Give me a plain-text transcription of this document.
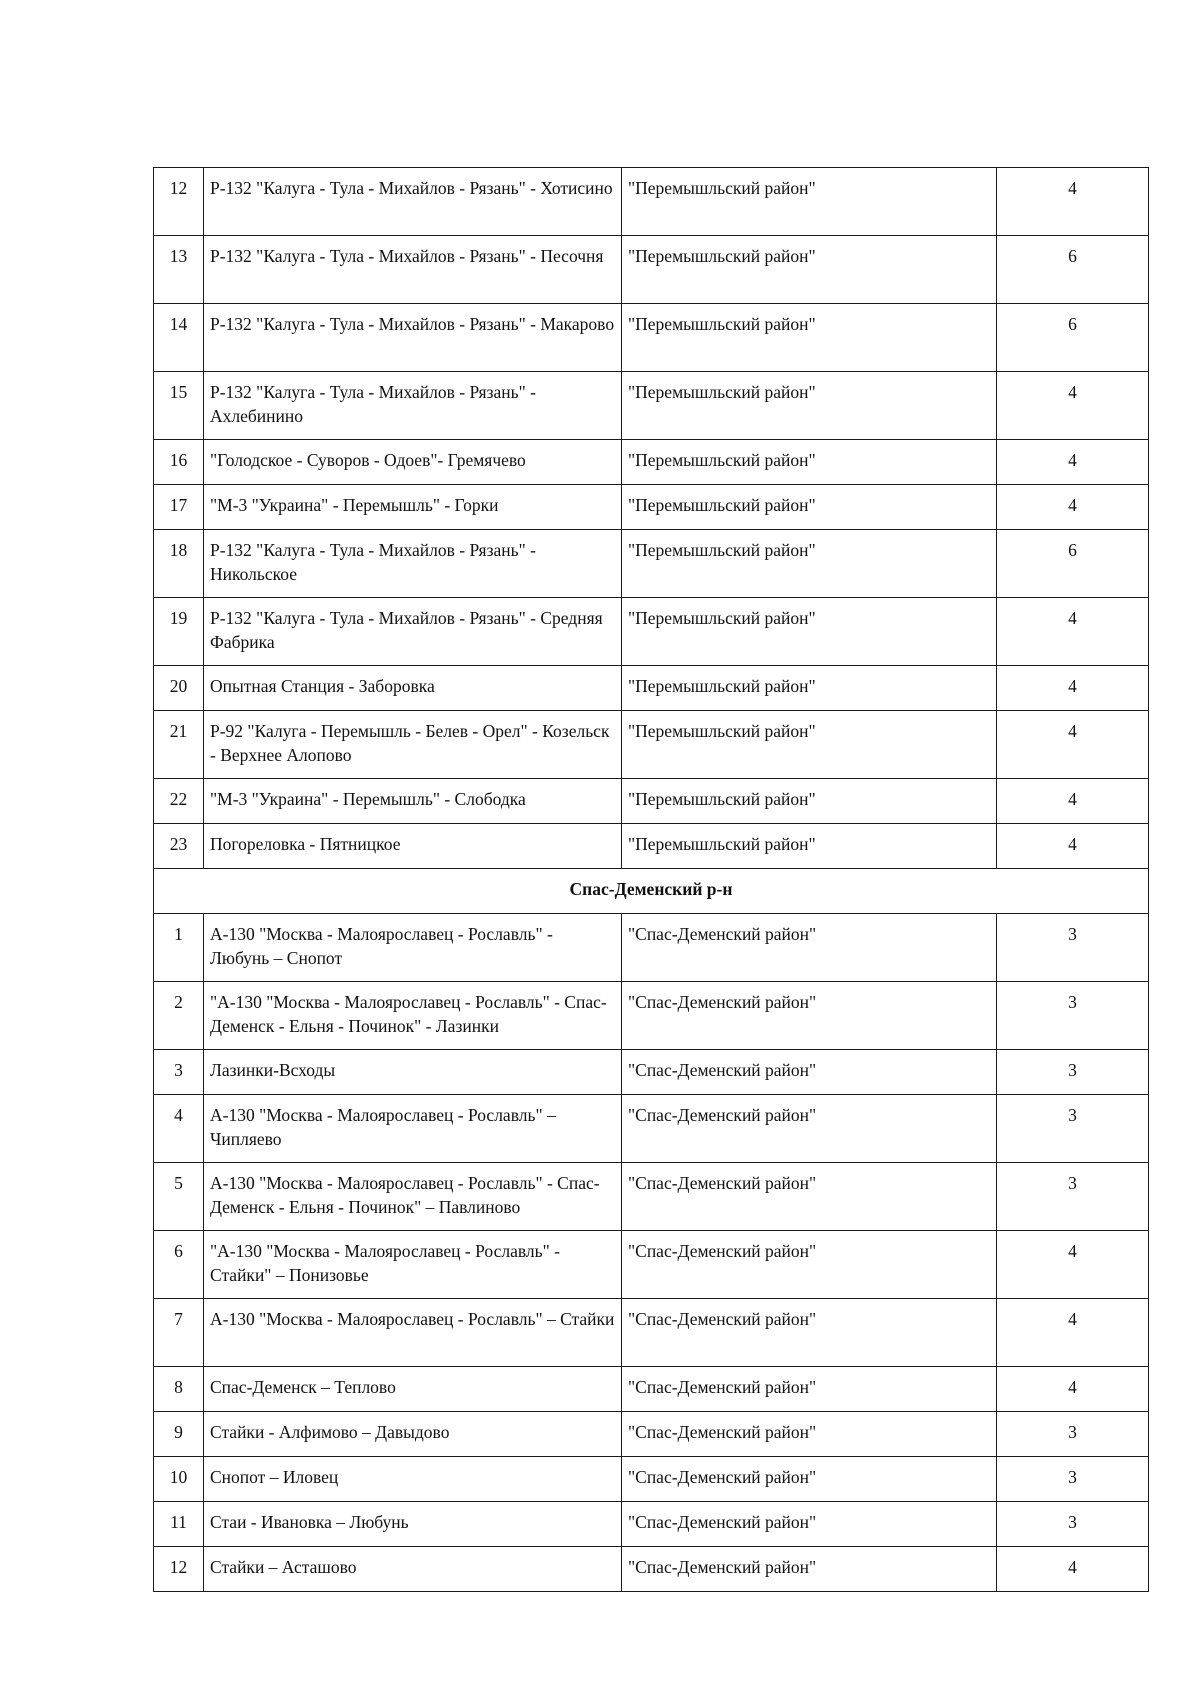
12	Р-132 "Калуга - Тула - Михайлов - Рязань" - Хотисино	"Перемышльский район"	4
13	Р-132 "Калуга - Тула - Михайлов - Рязань" - Песочня	"Перемышльский район"	6
14	Р-132 "Калуга - Тула - Михайлов - Рязань" - Макарово	"Перемышльский район"	6
15	Р-132 "Калуга - Тула - Михайлов - Рязань" - Ахлебинино	"Перемышльский район"	4
16	"Голодское - Суворов - Одоев"- Гремячево	"Перемышльский район"	4
17	"М-3 "Украина" - Перемышль" - Горки	"Перемышльский район"	4
18	Р-132 "Калуга - Тула - Михайлов - Рязань" - Никольское	"Перемышльский район"	6
19	Р-132 "Калуга - Тула - Михайлов - Рязань" - Средняя Фабрика	"Перемышльский район"	4
20	Опытная Станция - Заборовка	"Перемышльский район"	4
21	Р-92 "Калуга - Перемышль - Белев - Орел" - Козельск - Верхнее Алопово	"Перемышльский район"	4
22	"М-3 "Украина" - Перемышль" - Слободка	"Перемышльский район"	4
23	Погореловка - Пятницкое	"Перемышльский район"	4
Спас-Деменский р-н			
1	А-130 "Москва - Малоярославец - Рославль" - Любунь – Снопот	"Спас-Деменский район"	3
2	"А-130 "Москва - Малоярославец - Рославль" - Спас-Деменск - Ельня - Починок" - Лазинки	"Спас-Деменский район"	3
3	Лазинки-Всходы	"Спас-Деменский район"	3
4	А-130 "Москва - Малоярославец - Рославль" – Чипляево	"Спас-Деменский район"	3
5	А-130 "Москва - Малоярославец - Рославль" - Спас-Деменск - Ельня - Починок" – Павлиново	"Спас-Деменский район"	3
6	"А-130 "Москва - Малоярославец - Рославль" - Стайки" – Понизовье	"Спас-Деменский район"	4
7	А-130 "Москва - Малоярославец - Рославль" – Стайки	"Спас-Деменский район"	4
8	Спас-Деменск – Теплово	"Спас-Деменский район"	4
9	Стайки - Алфимово – Давыдово	"Спас-Деменский район"	3
10	Снопот – Иловец	"Спас-Деменский район"	3
11	Стаи - Ивановка – Любунь	"Спас-Деменский район"	3
12	Стайки – Асташово	"Спас-Деменский район"	4
